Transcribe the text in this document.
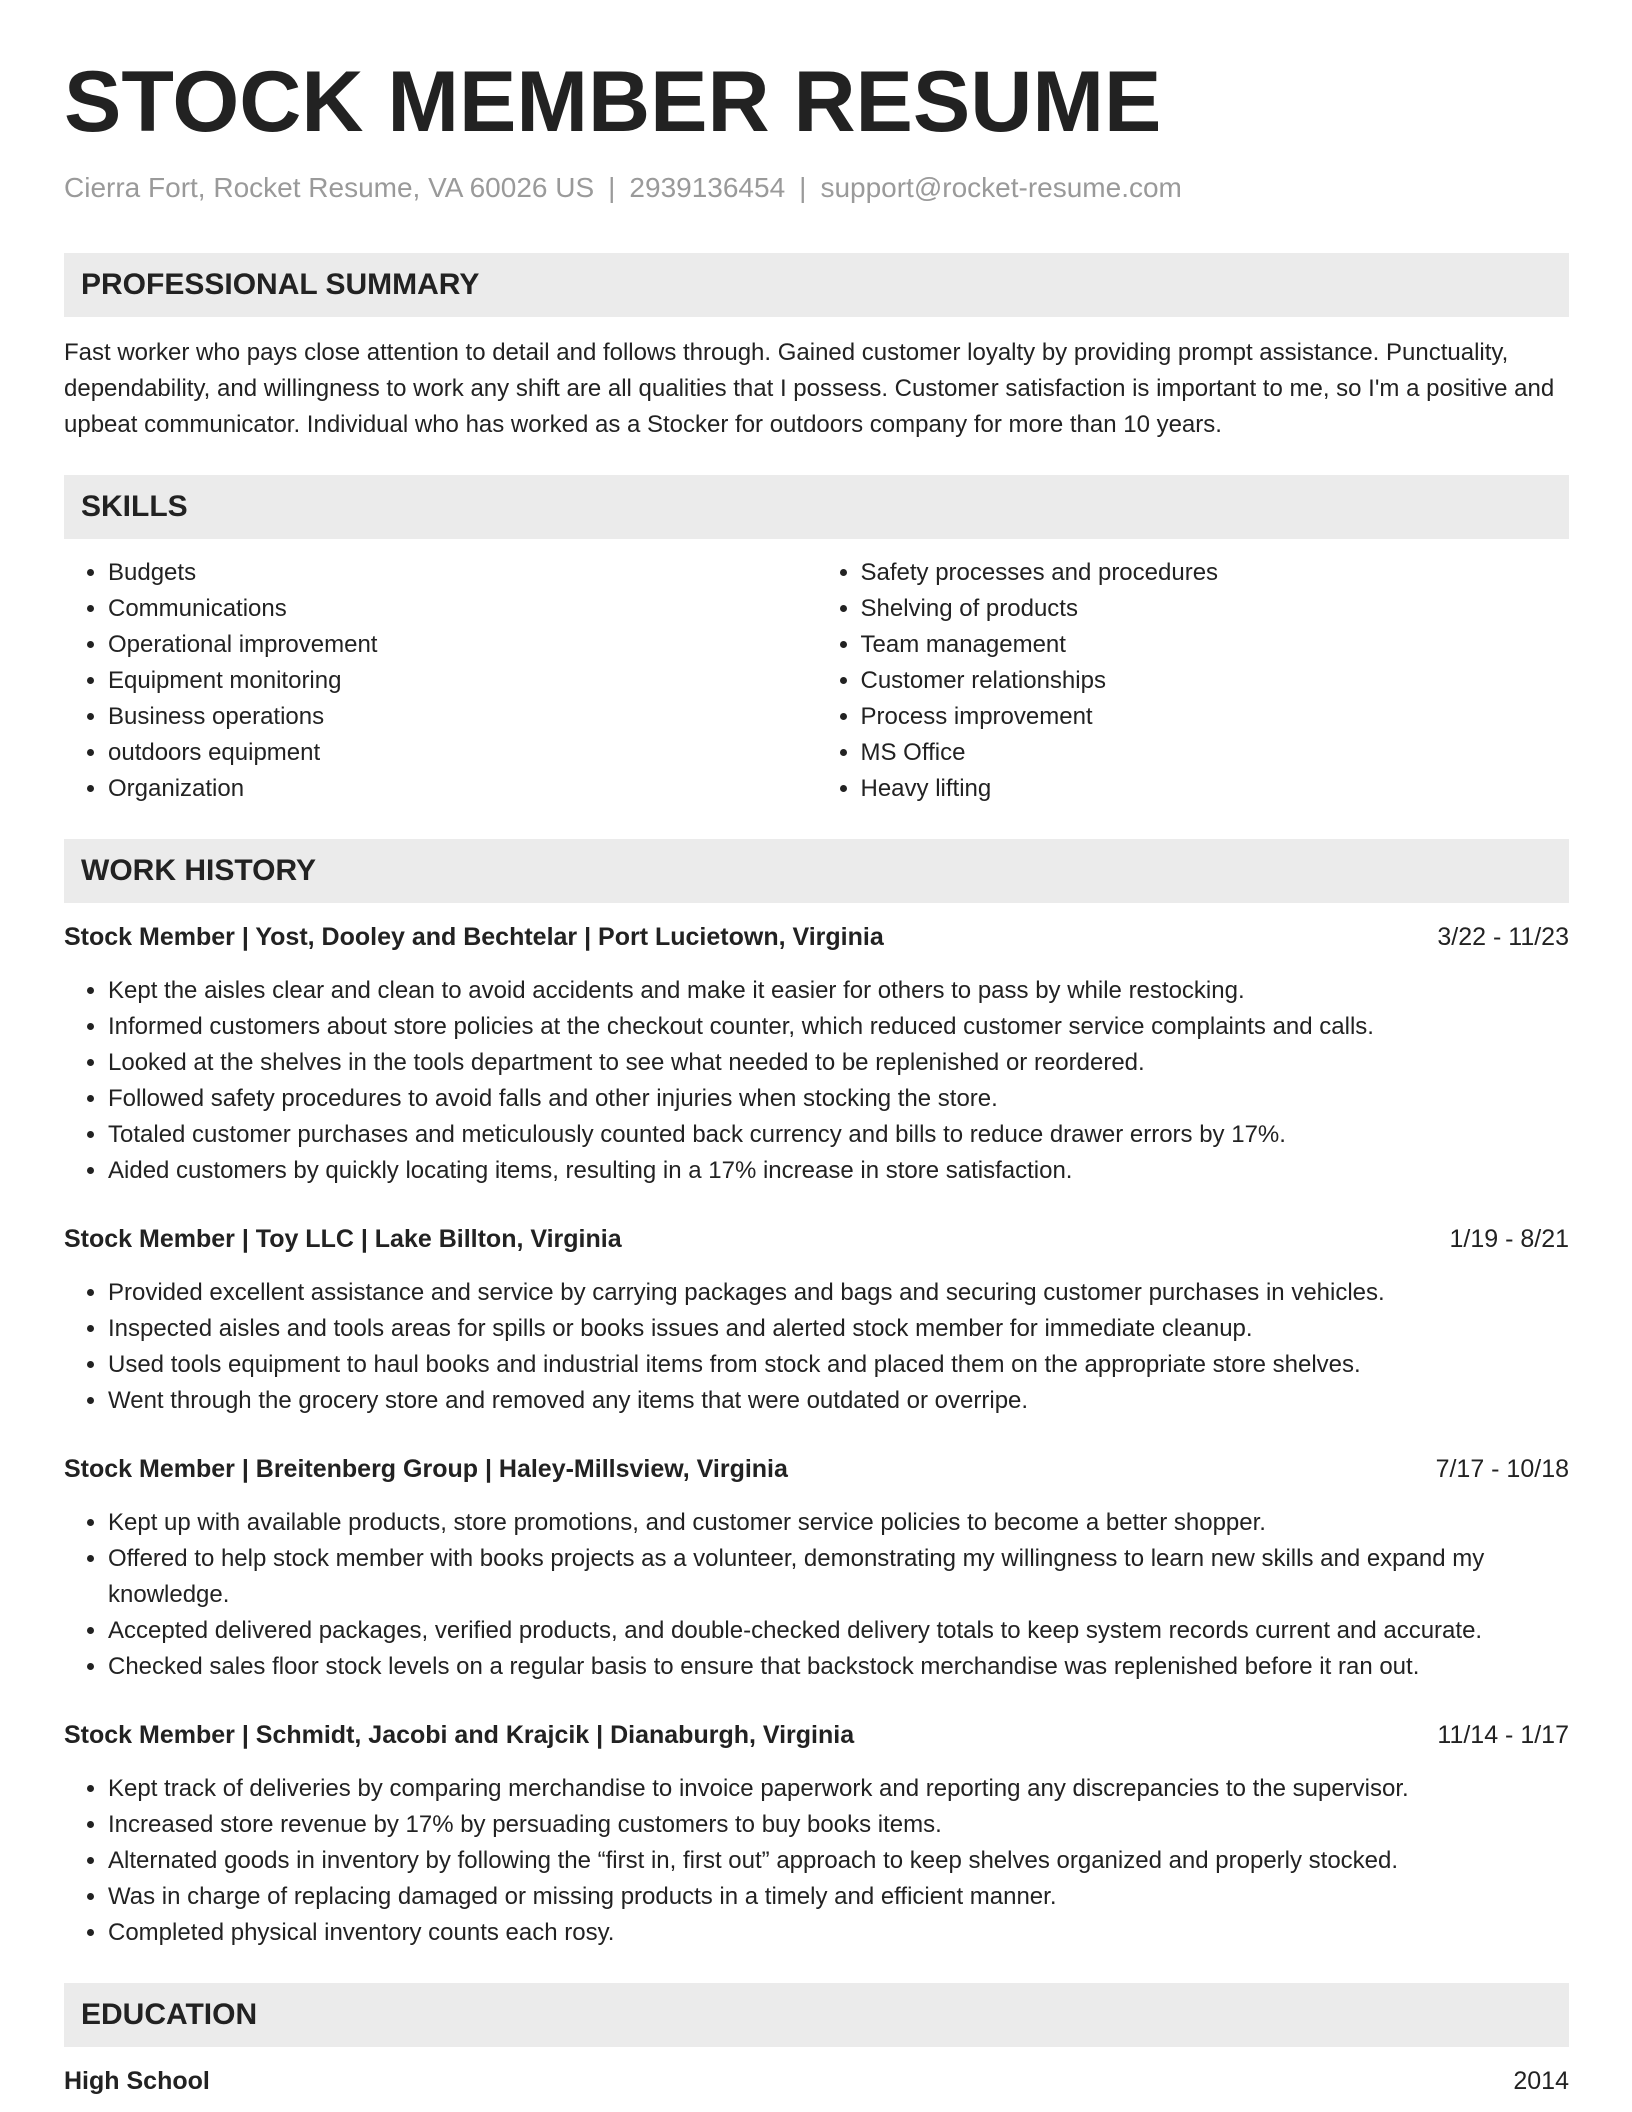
STOCK MEMBER RESUME
Cierra Fort, Rocket Resume, VA 60026 US | 2939136454 | support@rocket-resume.com
PROFESSIONAL SUMMARY

Fast worker who pays close attention to detail and follows through. Gained customer loyalty by providing prompt assistance. Punctuality, dependability, and willingness to work any shift are all qualities that I possess. Customer satisfaction is important to me, so I'm a positive and upbeat communicator. Individual who has worked as a Stocker for outdoors company for more than 10 years.

SKILLS
• Budgets
• Communications
• Operational improvement
• Equipment monitoring
• Business operations
• outdoors equipment
• Organization
• Safety processes and procedures
• Shelving of products
• Team management
• Customer relationships
• Process improvement
• MS Office
• Heavy lifting
WORK HISTORY
Stock Member | Yost, Dooley and Bechtelar | Port Lucietown, Virginia	3/22 - 11/23
• Kept the aisles clear and clean to avoid accidents and make it easier for others to pass by while restocking.
• Informed customers about store policies at the checkout counter, which reduced customer service complaints and calls.
• Looked at the shelves in the tools department to see what needed to be replenished or reordered.
• Followed safety procedures to avoid falls and other injuries when stocking the store.
• Totaled customer purchases and meticulously counted back currency and bills to reduce drawer errors by 17%.
• Aided customers by quickly locating items, resulting in a 17% increase in store satisfaction.
Stock Member | Toy LLC | Lake Billton, Virginia	1/19 - 8/21
• Provided excellent assistance and service by carrying packages and bags and securing customer purchases in vehicles.
• Inspected aisles and tools areas for spills or books issues and alerted stock member for immediate cleanup.
• Used tools equipment to haul books and industrial items from stock and placed them on the appropriate store shelves.
• Went through the grocery store and removed any items that were outdated or overripe.
Stock Member | Breitenberg Group | Haley-Millsview, Virginia	7/17 - 10/18
• Kept up with available products, store promotions, and customer service policies to become a better shopper.
• Offered to help stock member with books projects as a volunteer, demonstrating my willingness to learn new skills and expand my knowledge.
• Accepted delivered packages, verified products, and double-checked delivery totals to keep system records current and accurate.
• Checked sales floor stock levels on a regular basis to ensure that backstock merchandise was replenished before it ran out.
Stock Member | Schmidt, Jacobi and Krajcik | Dianaburgh, Virginia	11/14 - 1/17
• Kept track of deliveries by comparing merchandise to invoice paperwork and reporting any discrepancies to the supervisor.
• Increased store revenue by 17% by persuading customers to buy books items.
• Alternated goods in inventory by following the “first in, first out” approach to keep shelves organized and properly stocked.
• Was in charge of replacing damaged or missing products in a timely and efficient manner.
• Completed physical inventory counts each rosy.
EDUCATION
High School	2014
